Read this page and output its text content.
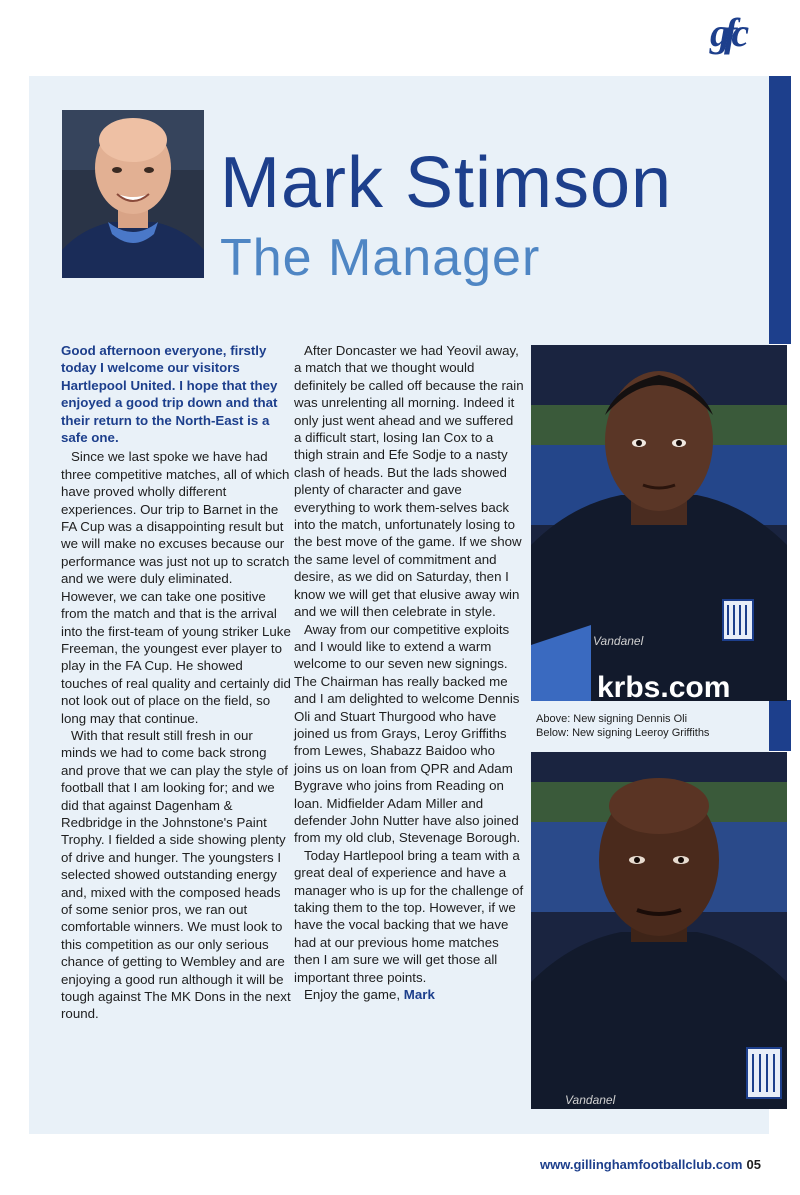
gfc
Mark Stimson
The Manager

Good afternoon everyone, firstly today I welcome our visitors Hartlepool United. I hope that they enjoyed a good trip down and that their return to the North-East is a safe one.

Since we last spoke we have had three competitive matches, all of which have proved wholly different experiences. Our trip to Barnet in the FA Cup was a disappointing result but we will make no excuses because our performance was just not up to scratch and we were duly eliminated. However, we can take one positive from the match and that is the arrival into the first-team of young striker Luke Freeman, the youngest ever player to play in the FA Cup. He showed touches of real quality and certainly did not look out of place on the field, so long may that continue.

With that result still fresh in our minds we had to come back strong and prove that we can play the style of football that I am looking for; and we did that against Dagenham & Redbridge in the Johnstone's Paint Trophy. I fielded a side showing plenty of drive and hunger. The youngsters I selected showed outstanding energy and, mixed with the composed heads of some senior pros, we ran out comfortable winners. We must look to this competition as our only serious chance of getting to Wembley and are enjoying a good run although it will be tough against The MK Dons in the next round.

After Doncaster we had Yeovil away, a match that we thought would definitely be called off because the rain was unrelenting all morning. Indeed it only just went ahead and we suffered a difficult start, losing Ian Cox to a thigh strain and Efe Sodje to a nasty clash of heads. But the lads showed plenty of character and gave everything to work them-selves back into the match, unfortunately losing to the best move of the game. If we show the same level of commitment and desire, as we did on Saturday, then I know we will get that elusive away win and we will then celebrate in style.

Away from our competitive exploits and I would like to extend a warm welcome to our seven new signings. The Chairman has really backed me and I am delighted to welcome Dennis Oli and Stuart Thurgood who have joined us from Grays, Leroy Griffiths from Lewes, Shabazz Baidoo who joins us on loan from QPR and Adam Bygrave who joins from Reading on loan. Midfielder Adam Miller and defender John Nutter have also joined from my old club, Stevenage Borough.

Today Hartlepool bring a team with a great deal of experience and have a manager who is up for the challenge of taking them to the top. However, if we have the vocal backing that we have had at our previous home matches then I am sure we will get those all important three points.

Enjoy the game, Mark

Vandanel
krbs.com
Above: New signing Dennis Oli
Below: New signing Leeroy Griffiths
Vandanel
www.gillinghamfootballclub.com 05
